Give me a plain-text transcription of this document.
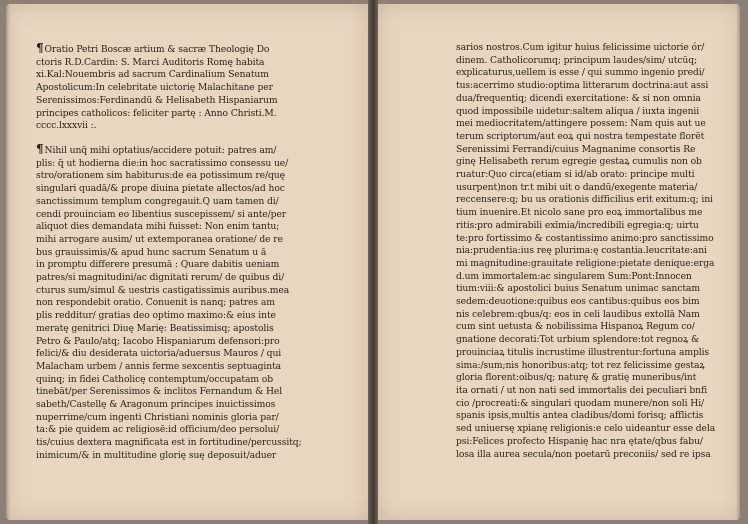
¶Oratio Petri Boscæ artium & sacræ Theologię Do
ctoris R.D.Cardin: S. Marci Auditoris Romę habita
xi.Kal:Nouembris ad sacrum Cardinalium Senatum
Apostolicum:In celebritate uictorię Malachitane per
Serenissimos:Ferdinandū & Helisabeth Hispaniarum
principes catholicos: feliciter partę : Anno Christi.M.
cccc.lxxxvii :.
¶Nihil unq̄ mihi optatius/accidere potuit: patres am/
plis: q̄ ut hodierna die:in hoc sacratissimo consessu ue/
stro/orationem sim habiturus:de ea potissimum re/quę
singulari quadā/& prope diuina pietate allectos/ad hoc
sanctissimum templum congregauit.Q uam tamen di/
cendi prouinciam eo libentius suscepissem/ si ante/per
aliquot dies demandata mihi fuisset: Non enim tantu;
mihi arrogare ausim/ ut extemporanea oratione/ de re
bus grauissimis/& apud hunc sacrum Senatum u ā
in promptu differere presumā : Quare dabitis ueniam
patres/si magnitudini/ac dignitati rerum/ de quibus di/
cturus sum/simul & uestris castigatissimis auribus.mea
non respondebit oratio. Conuenit is nanq; patres am
plis redditur/ gratias deo optimo maximo:& eius inte
meratę genitrici Diuę Marię: Beatissimisq; apostolis
Petro & Paulo/atq; Iacobo Hispaniarum defensori:pro
felici/& diu desiderata uictoria/aduersus Mauros / qui
Malacham urbem / annis ferme sexcentis septuaginta
quinq; in fidei Catholicę contemptum/occupatam ob
tinebāt/per Serenissimos & inclitos Fernandum & Hel
sabeth/Castellę & Aragonum principes inuictissimos
nuperrime/cum ingenti Christiani nominis gloria par/
ta:& pie quidem ac religiosē:id officium/deo persolui/
tis/cuius dextera magnificata est in fortitudine/percussitq;
inimicum/& in multitudine glorię suę deposuit/aduer
sarios nostros.Cum igitur huius felicissime uictorie ór/
dinem. Catholicorumq; principum laudes/sim/ utcūq;
explicaturus,uellem is esse / qui summo ingenio predi/
tus:acerrimo studio:optima litterarum doctrina:aut assi
dua/frequentiq; dicendi exercitatione: & si non omnia
quod impossibile uidetur:saltem aliqua / iuxta ingenii
mei mediocritatem/attingere possem: Nam quis aut ue
terum scriptorum/aut eoꝝ qui nostra tempestate florēt
Serenissimi Ferrandi/cuius Magnanime consortis Re
ginę Helisabeth rerum egregie gestaꝝ cumulis non ob
ruatur:Quo circa(etiam si id/ab orato: principe multi
usurpent)non tr.t mibi uit o dandū/exegente materia/
reccensere:q; bu us orationis difficilius erit exitum:q; ini
tium inuenire.Et nicolo sane pro eoꝝ immortalibus me
ritis:pro admirabili exīmia/incredibili egregia:q; uirtu
te:pro fortissimo & costantissimo animo:pro sanctissimo
nia:prudentia:ius reę plurima:ę costantia.leucritate:ani
mi magnitudine:grauitate religione:pietate denique:erga
d.um immortalem:ac singularem Sum:Pont:Innocen
tium:viii:& apostolici buius Senatum unimac sanctam
sedem:deuotione:quibus eos cantibus:quibus eos bim
nis celebrem:qbus/q: eos in celi laudibus extollā Nam
cum sint uetusta & nobilissima Hispanoꝝ Regum co/
gnatione decorati:Tot urbium splendore:tot regnoꝝ &
prouinciaꝝ titulis incrustime illustrentur:fortuna amplis
sima:/sum;nis honoribus:atq; tot rez felicissime gestaꝝ
gloria florent:oibus/q; naturę & gratię muneribus/int
ita ornati / ut non nati sed immortalis dei peculiari bnfi
cio /procreati:& singulari quodam munere/non soli Hi/
spanis ipsis,multis antea cladibus/domi forisq; afflictis
sed uniuersę xpianę religionis:e celo uideantur esse dela
psi:Felices profecto Hispanię hac nra ętate/qbus fabu/
losa illa aurea secula/non poetarū preconiis/ sed re ipsa
